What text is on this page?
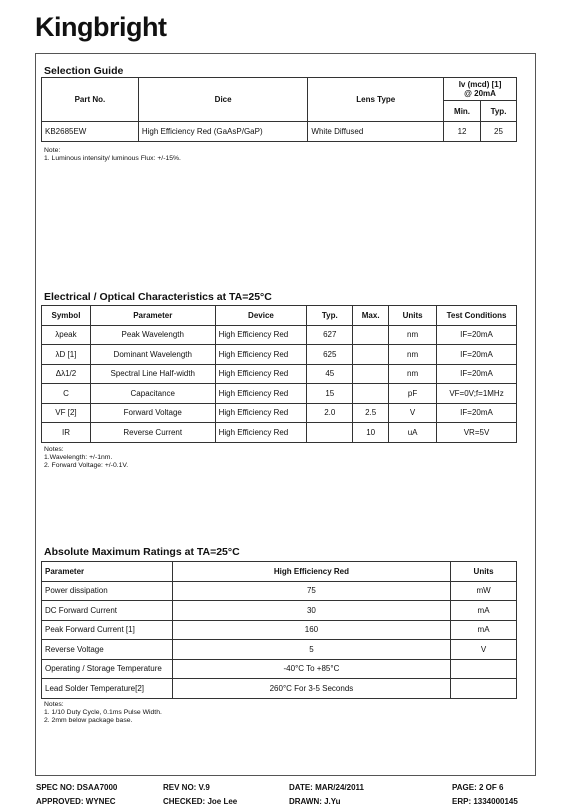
Kingbright
Selection Guide
Part No.	Dice	Lens Type	Iv (mcd) [1]
@ 20mA	
			Min.	Typ.
KB2685EW	High Efficiency Red (GaAsP/GaP)	White Diffused	12	25
Note:
1. Luminous intensity/ luminous Flux: +/-15%.
Electrical / Optical Characteristics at TA=25°C
Symbol	Parameter	Device	Typ.	Max.	Units	Test Conditions
λpeak	Peak Wavelength	High Efficiency Red	627		nm	IF=20mA
λD [1]	Dominant Wavelength	High Efficiency Red	625		nm	IF=20mA
Δλ1/2	Spectral Line Half-width	High Efficiency Red	45		nm	IF=20mA
C	Capacitance	High Efficiency Red	15		pF	VF=0V;f=1MHz
VF [2]	Forward Voltage	High Efficiency Red	2.0	2.5	V	IF=20mA
IR	Reverse Current	High Efficiency Red		10	uA	VR=5V
Notes:
1.Wavelength: +/-1nm.
2. Forward Voltage: +/-0.1V.
Absolute Maximum Ratings at TA=25°C
Parameter	High Efficiency Red	Units
Power dissipation	75	mW
DC Forward Current	30	mA
Peak Forward Current [1]	160	mA
Reverse Voltage	5	V
Operating / Storage Temperature	-40°C To +85°C	
Lead Solder Temperature[2]	260°C For 3-5 Seconds	
Notes:
1. 1/10 Duty Cycle, 0.1ms Pulse Width.
2. 2mm below package base.
SPEC NO: DSAA7000	REV NO: V.9	DATE: MAR/24/2011	PAGE: 2 OF 6
APPROVED: WYNEC	CHECKED: Joe Lee	DRAWN: J.Yu	ERP: 1334000145
